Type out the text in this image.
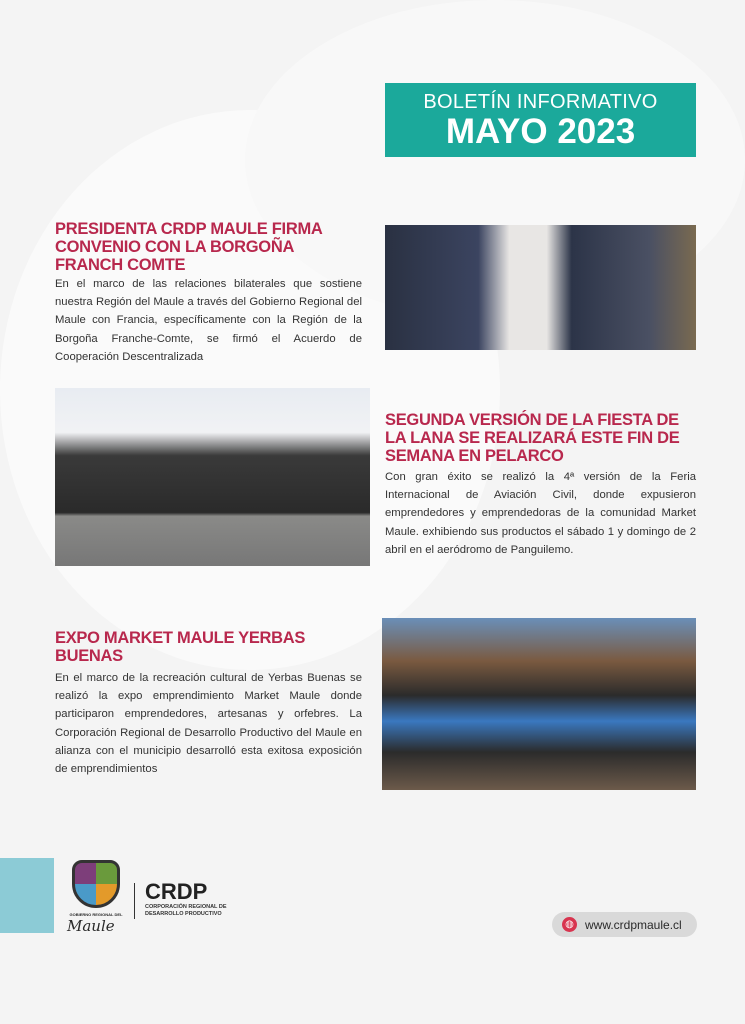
BOLETÍN INFORMATIVO
MAYO 2023
PRESIDENTA CRDP MAULE FIRMA CONVENIO CON LA BORGOÑA FRANCH COMTE
En el marco de las relaciones bilaterales que sostiene nuestra Región del Maule a través del Gobierno Regional del Maule con Francia, específicamente con la Región de la Borgoña Franche-Comte, se firmó el Acuerdo de Cooperación Descentralizada
SEGUNDA VERSIÓN DE LA FIESTA DE LA LANA SE REALIZARÁ ESTE FIN DE SEMANA EN PELARCO
Con gran éxito se realizó la 4ª versión de la Feria Internacional de Aviación Civil, donde expusieron emprendedores y emprendedoras de la comunidad Market Maule. exhibiendo sus productos el sábado 1 y domingo de 2 abril en el aeródromo de Panguilemo.
EXPO MARKET MAULE YERBAS BUENAS
En el marco de la recreación cultural de Yerbas Buenas se realizó la expo emprendimiento Market Maule donde participaron emprendedores, artesanas y orfebres. La Corporación Regional de Desarrollo Productivo del Maule en alianza con el municipio desarrolló esta exitosa exposición de emprendimientos
GOBIERNO REGIONAL DEL
Maule
CRDP
CORPORACIÓN REGIONAL DE DESARROLLO PRODUCTIVO
◍ www.crdpmaule.cl
